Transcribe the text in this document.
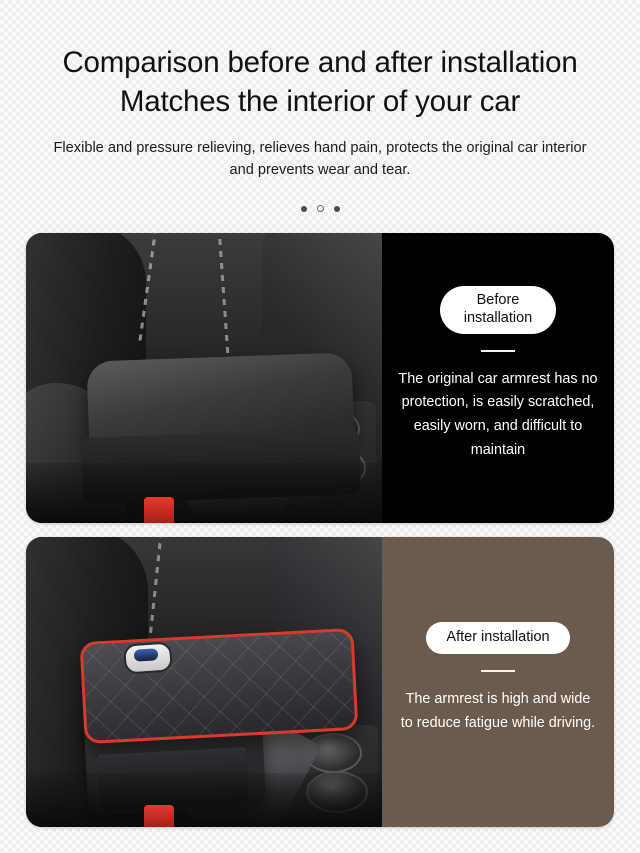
Comparison before and after installation
Matches the interior of your car

Flexible and pressure relieving, relieves hand pain, protects the original car interior and prevents wear and tear.

Before
installation
The original car armrest has no protection, is easily scratched, easily worn, and difficult to maintain
After installation
The armrest is high and wide to reduce fatigue while driving.
